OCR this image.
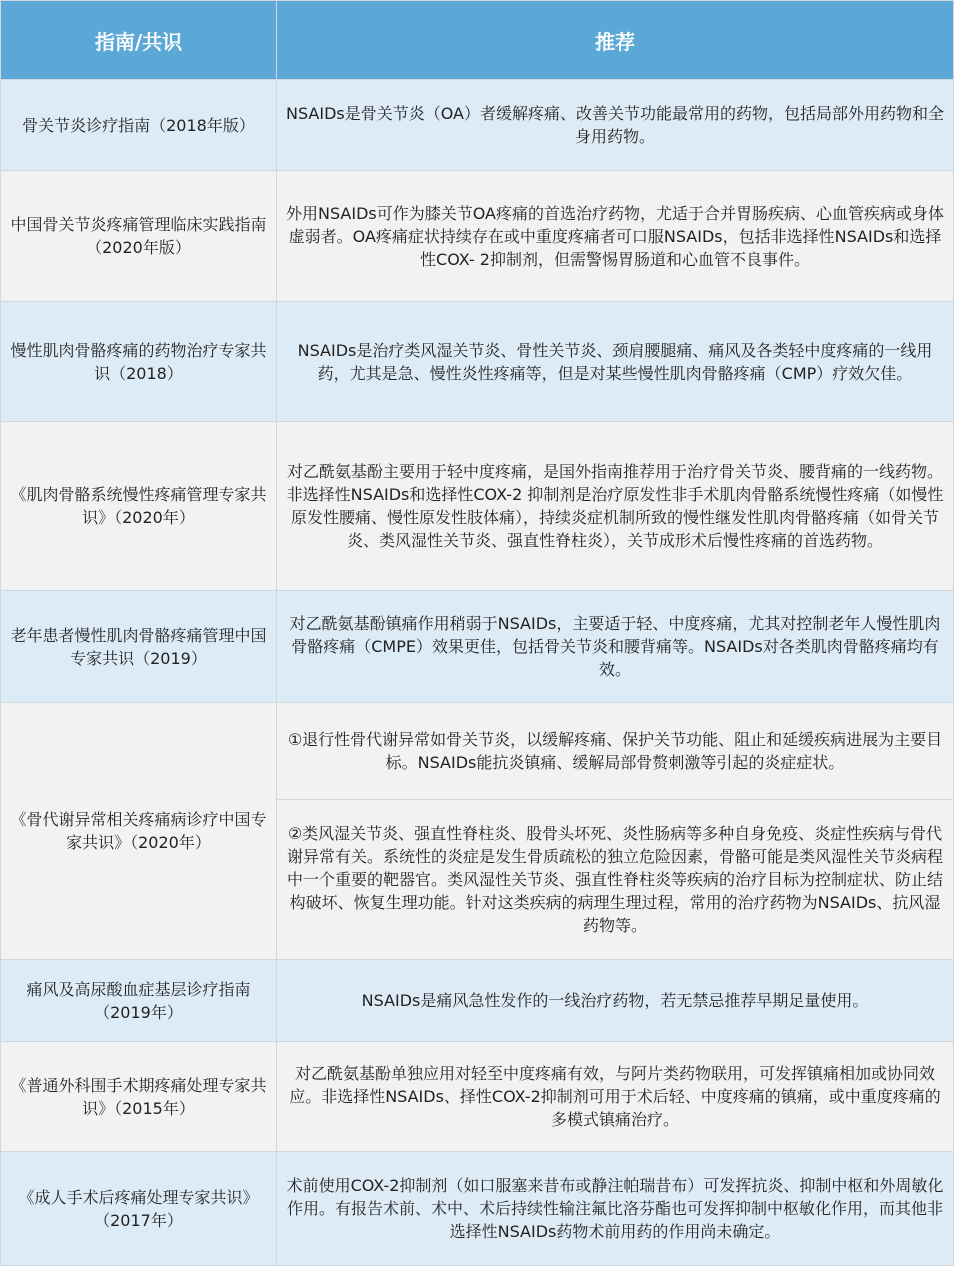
指南/共识	推荐
骨关节炎诊疗指南（2018年版）	NSAIDs是骨关节炎（OA）者缓解疼痛、改善关节功能最常用的药物，包括局部外用药物和全身用药物。
中国骨关节炎疼痛管理临床实践指南（2020年版）	外用NSAIDs可作为膝关节OA疼痛的首选治疗药物，尤适于合并胃肠疾病、心血管疾病或身体虚弱者。OA疼痛症状持续存在或中重度疼痛者可口服NSAIDs，包括非选择性NSAIDs和选择性COX- 2抑制剂，但需警惕胃肠道和心血管不良事件。
慢性肌肉骨骼疼痛的药物治疗专家共识（2018）	NSAIDs是治疗类风湿关节炎、骨性关节炎、颈肩腰腿痛、痛风及各类轻中度疼痛的一线用药，尤其是急、慢性炎性疼痛等，但是对某些慢性肌肉骨骼疼痛（CMP）疗效欠佳。
《肌肉骨骼系统慢性疼痛管理专家共识》（2020年）	对乙酰氨基酚主要用于轻中度疼痛，是国外指南推荐用于治疗骨关节炎、腰背痛的一线药物。非选择性NSAIDs和选择性COX-2 抑制剂是治疗原发性非手术肌肉骨骼系统慢性疼痛（如慢性原发性腰痛、慢性原发性肢体痛），持续炎症机制所致的慢性继发性肌肉骨骼疼痛（如骨关节炎、类风湿性关节炎、强直性脊柱炎），关节成形术后慢性疼痛的首选药物。
老年患者慢性肌肉骨骼疼痛管理中国专家共识（2019）	对乙酰氨基酚镇痛作用稍弱于NSAIDs，主要适于轻、中度疼痛，尤其对控制老年人慢性肌肉骨骼疼痛（CMPE）效果更佳，包括骨关节炎和腰背痛等。NSAIDs对各类肌肉骨骼疼痛均有效。
《骨代谢异常相关疼痛病诊疗中国专家共识》（2020年）	①退行性骨代谢异常如骨关节炎，以缓解疼痛、保护关节功能、阻止和延缓疾病进展为主要目标。NSAIDs能抗炎镇痛、缓解局部骨赘刺激等引起的炎症症状。
	②类风湿关节炎、强直性脊柱炎、股骨头坏死、炎性肠病等多种自身免疫、炎症性疾病与骨代谢异常有关。系统性的炎症是发生骨质疏松的独立危险因素，骨骼可能是类风湿性关节炎病程中一个重要的靶器官。类风湿性关节炎、强直性脊柱炎等疾病的治疗目标为控制症状、防止结构破坏、恢复生理功能。针对这类疾病的病理生理过程，常用的治疗药物为NSAIDs、抗风湿药物等。
痛风及高尿酸血症基层诊疗指南（2019年）	NSAIDs是痛风急性发作的一线治疗药物，若无禁忌推荐早期足量使用。
《普通外科围手术期疼痛处理专家共识》（2015年）	对乙酰氨基酚单独应用对轻至中度疼痛有效，与阿片类药物联用，可发挥镇痛相加或协同效应。非选择性NSAIDs、择性COX-2抑制剂可用于术后轻、中度疼痛的镇痛，或中重度疼痛的多模式镇痛治疗。
《成人手术后疼痛处理专家共识》（2017年）	术前使用COX-2抑制剂（如口服塞来昔布或静注帕瑞昔布）可发挥抗炎、抑制中枢和外周敏化作用。有报告术前、术中、术后持续性输注氟比洛芬酯也可发挥抑制中枢敏化作用，而其他非选择性NSAIDs药物术前用药的作用尚未确定。
